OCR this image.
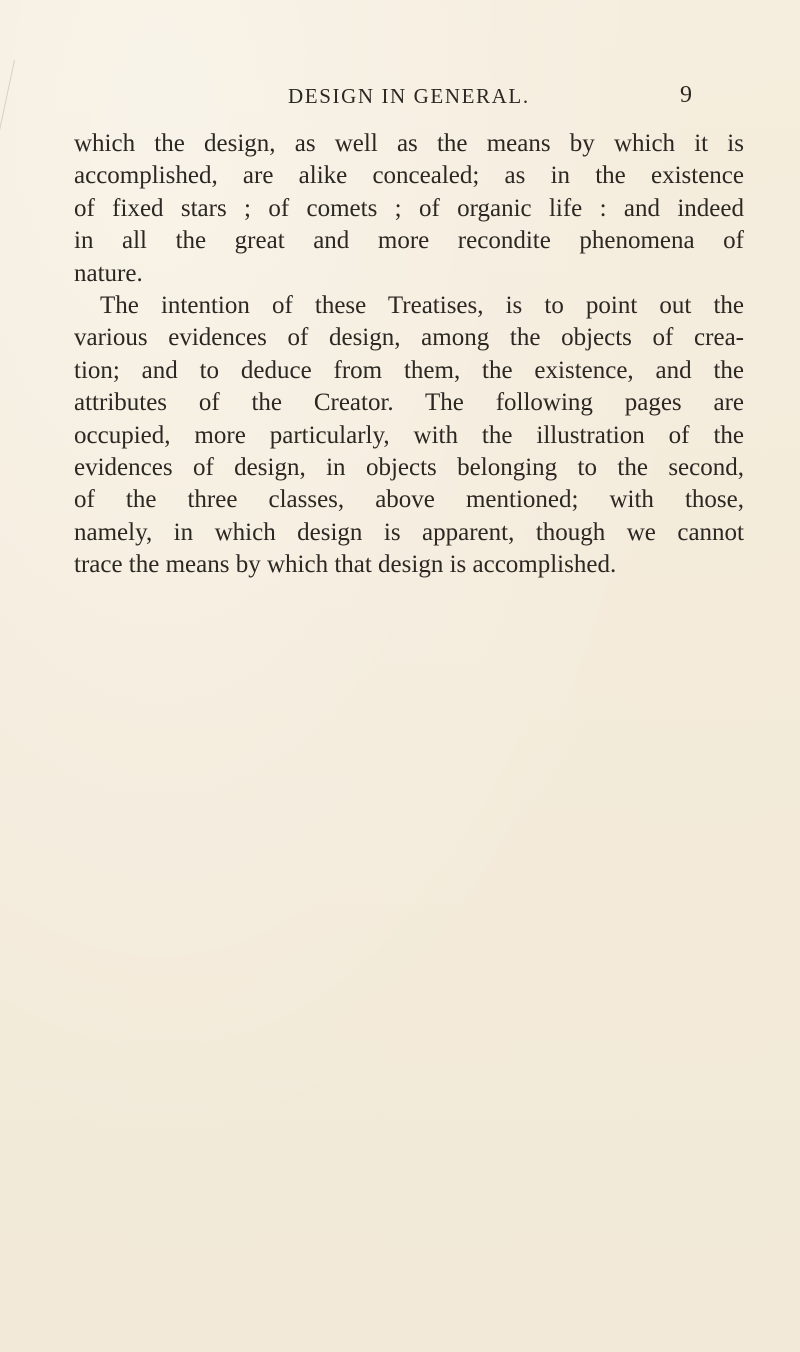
DESIGN IN GENERAL.	9
which the design, as well as the means by which it is
accomplished, are alike concealed; as in the existence
of fixed stars ; of comets ; of organic life : and indeed
in all the great and more recondite phenomena of
nature.
The intention of these Treatises, is to point out the
various evidences of design, among the objects of crea-
tion; and to deduce from them, the existence, and the
attributes of the Creator. The following pages are
occupied, more particularly, with the illustration of the
evidences of design, in objects belonging to the second,
of the three classes, above mentioned; with those,
namely, in which design is apparent, though we cannot
trace the means by which that design is accomplished.
